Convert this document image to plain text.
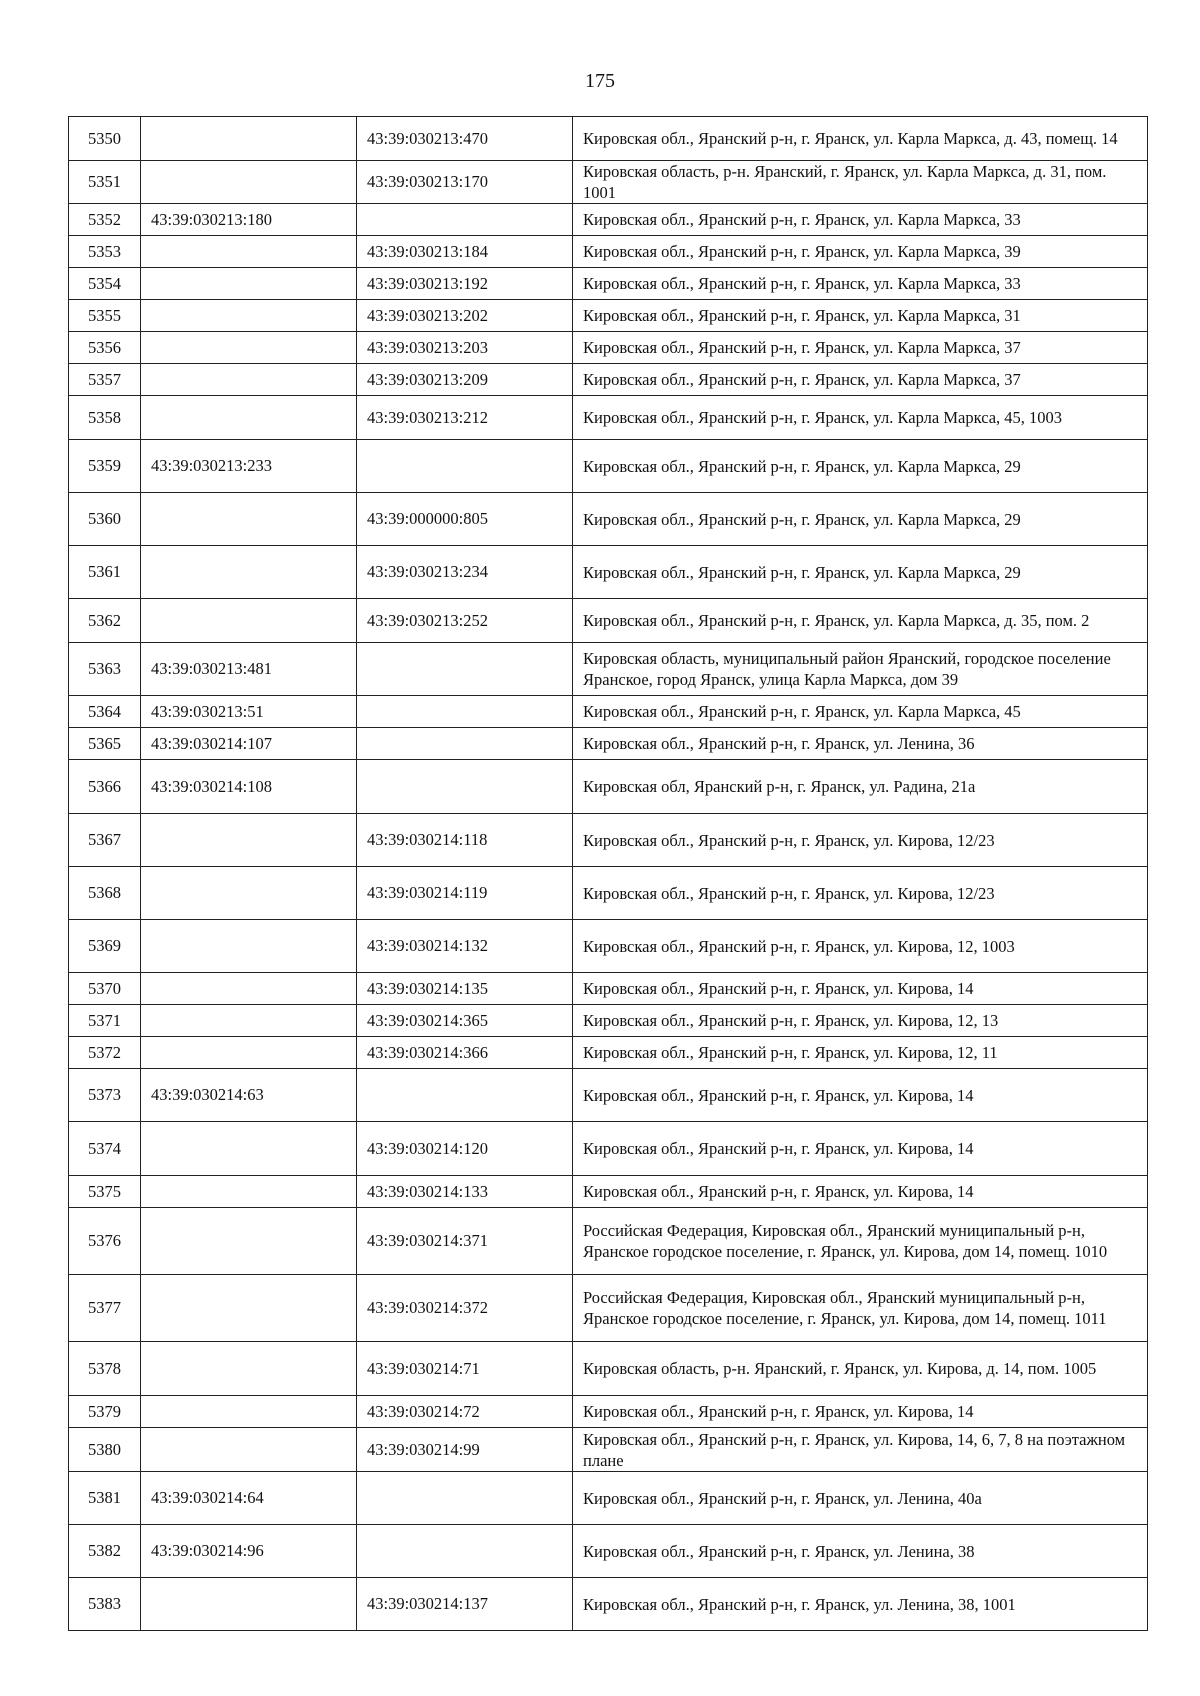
175
5350		43:39:030213:470	Кировская обл., Яранский р-н, г. Яранск, ул. Карла Маркса, д. 43, помещ. 14
5351		43:39:030213:170	Кировская область, р-н. Яранский, г. Яранск, ул. Карла Маркса, д. 31, пом. 1001
5352	43:39:030213:180		Кировская обл., Яранский р-н, г. Яранск, ул. Карла Маркса, 33
5353		43:39:030213:184	Кировская обл., Яранский р-н, г. Яранск, ул. Карла Маркса, 39
5354		43:39:030213:192	Кировская обл., Яранский р-н, г. Яранск, ул. Карла Маркса, 33
5355		43:39:030213:202	Кировская обл., Яранский р-н, г. Яранск, ул. Карла Маркса, 31
5356		43:39:030213:203	Кировская обл., Яранский р-н, г. Яранск, ул. Карла Маркса, 37
5357		43:39:030213:209	Кировская обл., Яранский р-н, г. Яранск, ул. Карла Маркса, 37
5358		43:39:030213:212	Кировская обл., Яранский р-н, г. Яранск, ул. Карла Маркса, 45, 1003
5359	43:39:030213:233		Кировская обл., Яранский р-н, г. Яранск, ул. Карла Маркса, 29
5360		43:39:000000:805	Кировская обл., Яранский р-н, г. Яранск, ул. Карла Маркса, 29
5361		43:39:030213:234	Кировская обл., Яранский р-н, г. Яранск, ул. Карла Маркса, 29
5362		43:39:030213:252	Кировская обл., Яранский р-н, г. Яранск, ул. Карла Маркса, д. 35, пом. 2
5363	43:39:030213:481		Кировская область, муниципальный район Яранский, городское поселение Яранское, город Яранск, улица Карла Маркса, дом 39
5364	43:39:030213:51		Кировская обл., Яранский р-н, г. Яранск, ул. Карла Маркса, 45
5365	43:39:030214:107		Кировская обл., Яранский р-н, г. Яранск, ул. Ленина, 36
5366	43:39:030214:108		Кировская обл, Яранский р-н, г. Яранск, ул. Радина, 21а
5367		43:39:030214:118	Кировская обл., Яранский р-н, г. Яранск, ул. Кирова, 12/23
5368		43:39:030214:119	Кировская обл., Яранский р-н, г. Яранск, ул. Кирова, 12/23
5369		43:39:030214:132	Кировская обл., Яранский р-н, г. Яранск, ул. Кирова, 12, 1003
5370		43:39:030214:135	Кировская обл., Яранский р-н, г. Яранск, ул. Кирова, 14
5371		43:39:030214:365	Кировская обл., Яранский р-н, г. Яранск, ул. Кирова, 12, 13
5372		43:39:030214:366	Кировская обл., Яранский р-н, г. Яранск, ул. Кирова, 12, 11
5373	43:39:030214:63		Кировская обл., Яранский р-н, г. Яранск, ул. Кирова, 14
5374		43:39:030214:120	Кировская обл., Яранский р-н, г. Яранск, ул. Кирова, 14
5375		43:39:030214:133	Кировская обл., Яранский р-н, г. Яранск, ул. Кирова, 14
5376		43:39:030214:371	Российская Федерация, Кировская обл., Яранский муниципальный р-н, Яранское городское поселение, г. Яранск, ул. Кирова, дом 14, помещ. 1010
5377		43:39:030214:372	Российская Федерация, Кировская обл., Яранский муниципальный р-н, Яранское городское поселение, г. Яранск, ул. Кирова, дом 14, помещ. 1011
5378		43:39:030214:71	Кировская область, р-н. Яранский, г. Яранск, ул. Кирова, д. 14, пом. 1005
5379		43:39:030214:72	Кировская обл., Яранский р-н, г. Яранск, ул. Кирова, 14
5380		43:39:030214:99	Кировская обл., Яранский р-н, г. Яранск, ул. Кирова, 14, 6, 7, 8 на поэтажном плане
5381	43:39:030214:64		Кировская обл., Яранский р-н, г. Яранск, ул. Ленина, 40а
5382	43:39:030214:96		Кировская обл., Яранский р-н, г. Яранск, ул. Ленина, 38
5383		43:39:030214:137	Кировская обл., Яранский р-н, г. Яранск, ул. Ленина, 38, 1001
